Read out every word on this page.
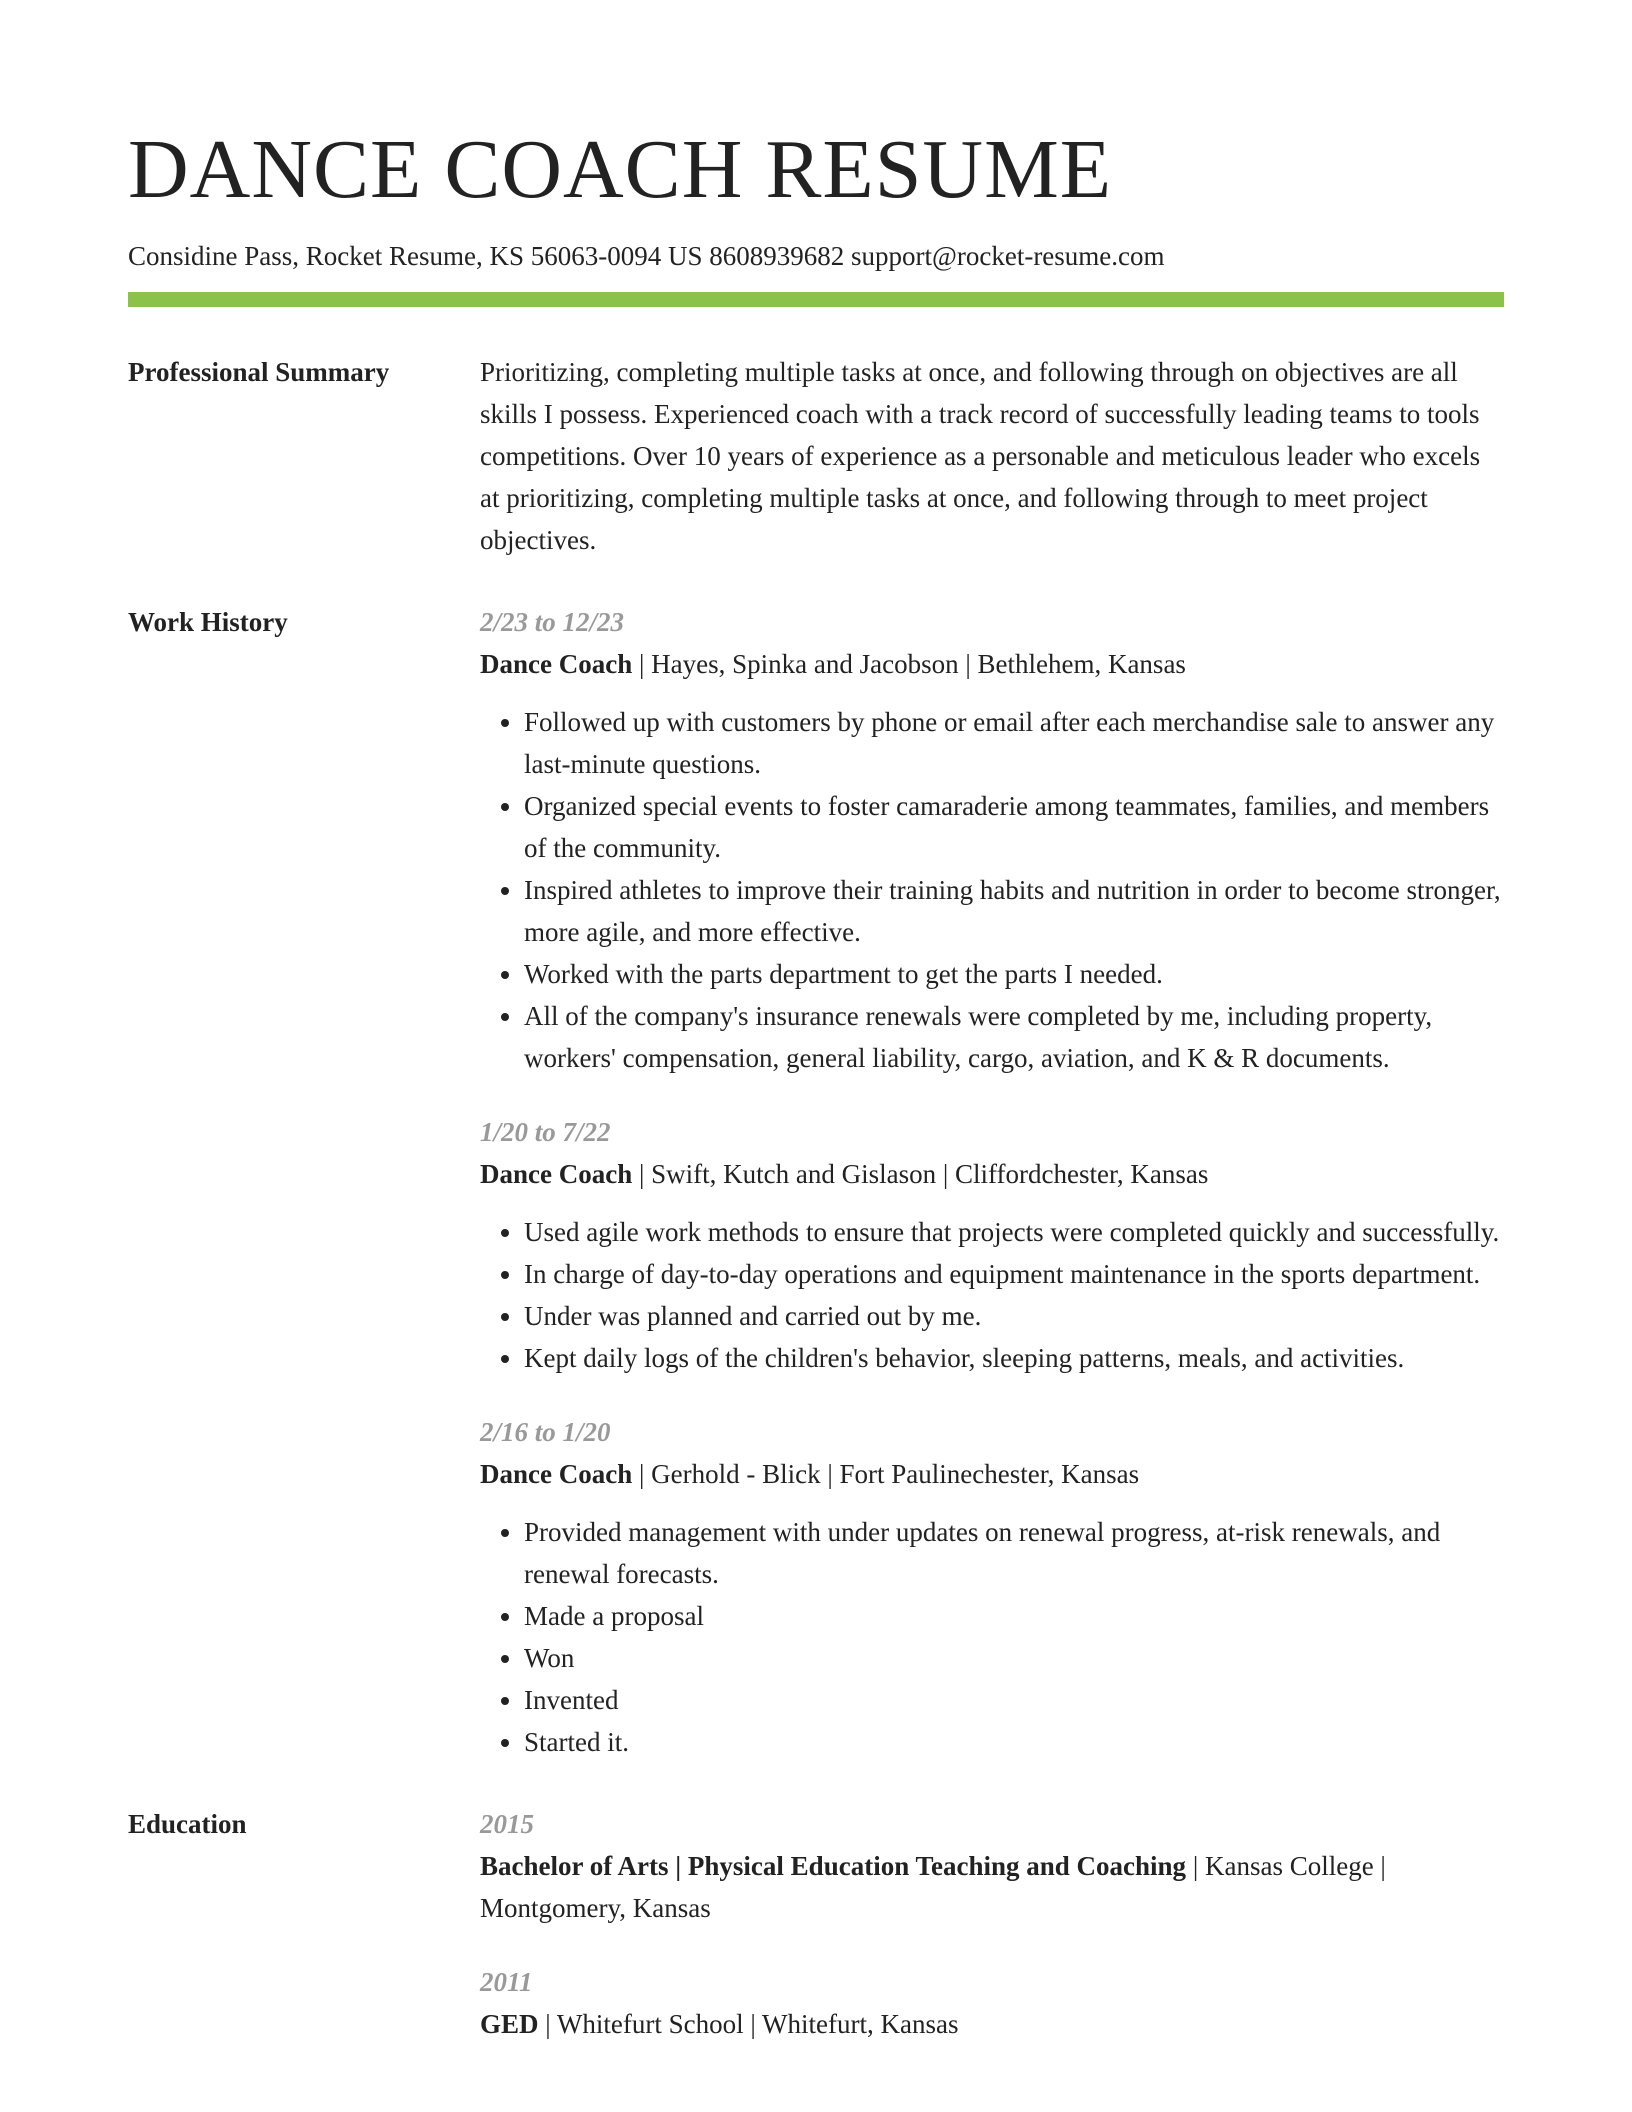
DANCE COACH RESUME
Considine Pass, Rocket Resume, KS 56063-0094 US 8608939682 support@rocket-resume.com
Professional Summary	Prioritizing, completing multiple tasks at once, and following through on objectives are all skills I possess. Experienced coach with a track record of successfully leading teams to tools competitions. Over 10 years of experience as a personable and meticulous leader who excels at prioritizing, completing multiple tasks at once, and following through to meet project objectives.

Work History	2/23 to 12/23
Dance Coach | Hayes, Spinka and Jacobson | Bethlehem, Kansas
• Followed up with customers by phone or email after each merchandise sale to answer any last-minute questions.
• Organized special events to foster camaraderie among teammates, families, and members of the community.
• Inspired athletes to improve their training habits and nutrition in order to become stronger, more agile, and more effective.
• Worked with the parts department to get the parts I needed.
• All of the company's insurance renewals were completed by me, including property, workers' compensation, general liability, cargo, aviation, and K & R documents.
1/20 to 7/22
Dance Coach | Swift, Kutch and Gislason | Cliffordchester, Kansas
• Used agile work methods to ensure that projects were completed quickly and successfully.
• In charge of day-to-day operations and equipment maintenance in the sports department.
• Under was planned and carried out by me.
• Kept daily logs of the children's behavior, sleeping patterns, meals, and activities.
2/16 to 1/20
Dance Coach | Gerhold - Blick | Fort Paulinechester, Kansas
• Provided management with under updates on renewal progress, at-risk renewals, and renewal forecasts.
• Made a proposal
• Won
• Invented
• Started it.
Education	2015
Bachelor of Arts | Physical Education Teaching and Coaching | Kansas College | Montgomery, Kansas
2011
GED | Whitefurt School | Whitefurt, Kansas
